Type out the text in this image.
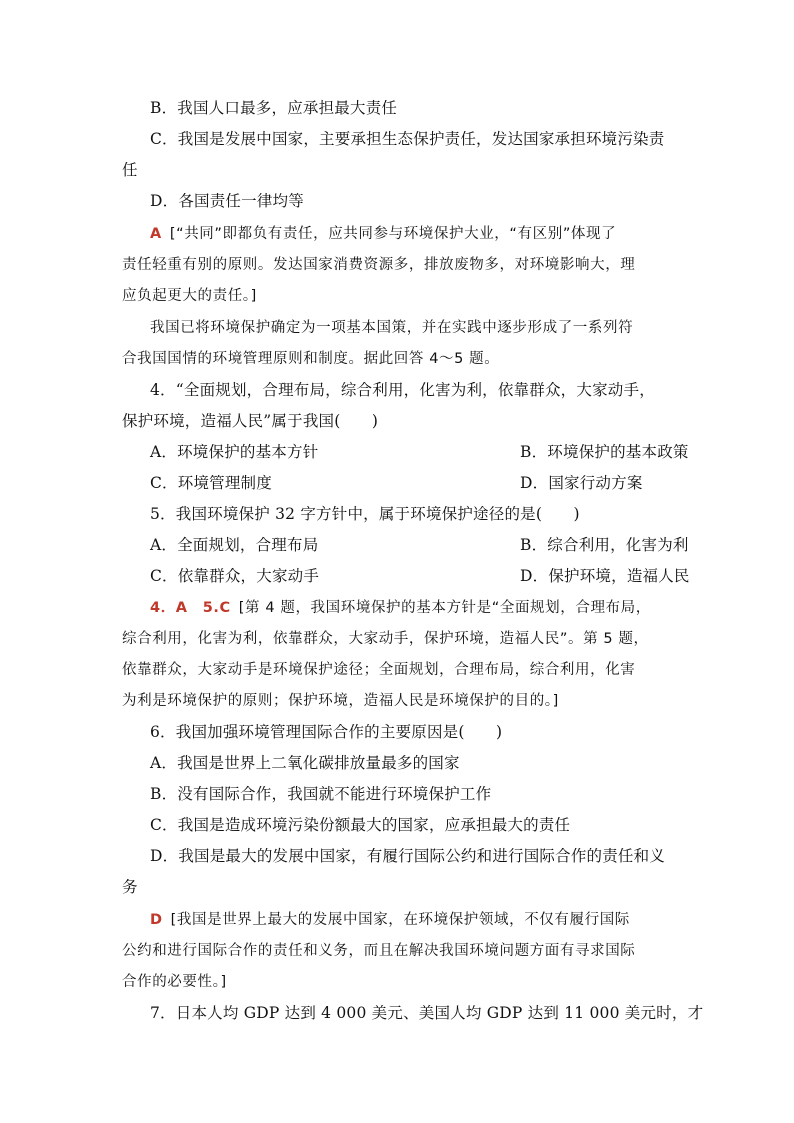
B．我国人口最多，应承担最大责任
C．我国是发展中国家，主要承担生态保护责任，发达国家承担环境污染责
任
D．各国责任一律均等
A [“共同”即都负有责任，应共同参与环境保护大业，“有区别”体现了
责任轻重有别的原则。发达国家消费资源多，排放废物多，对环境影响大，理
应负起更大的责任。]
我国已将环境保护确定为一项基本国策，并在实践中逐步形成了一系列符
合我国国情的环境管理原则和制度。据此回答 4～5 题。
4．“全面规划，合理布局，综合利用，化害为利，依靠群众，大家动手，
保护环境，造福人民”属于我国(　　)
A．环境保护的基本方针	B．环境保护的基本政策
C．环境管理制度	D．国家行动方案
5．我国环境保护 32 字方针中，属于环境保护途径的是(　　)
A．全面规划，合理布局	B．综合利用，化害为利
C．依靠群众，大家动手	D．保护环境，造福人民
4．A　5.C [第 4 题，我国环境保护的基本方针是“全面规划，合理布局，
综合利用，化害为利，依靠群众，大家动手，保护环境，造福人民”。第 5 题，
依靠群众，大家动手是环境保护途径；全面规划，合理布局，综合利用，化害
为利是环境保护的原则；保护环境，造福人民是环境保护的目的。]
6．我国加强环境管理国际合作的主要原因是(　　)
A．我国是世界上二氧化碳排放量最多的国家
B．没有国际合作，我国就不能进行环境保护工作
C．我国是造成环境污染份额最大的国家，应承担最大的责任
D．我国是最大的发展中国家，有履行国际公约和进行国际合作的责任和义
务
D [我国是世界上最大的发展中国家，在环境保护领域，不仅有履行国际
公约和进行国际合作的责任和义务，而且在解决我国环境问题方面有寻求国际
合作的必要性。]
7．日本人均 GDP 达到 4 000 美元、美国人均 GDP 达到 11 000 美元时，才
